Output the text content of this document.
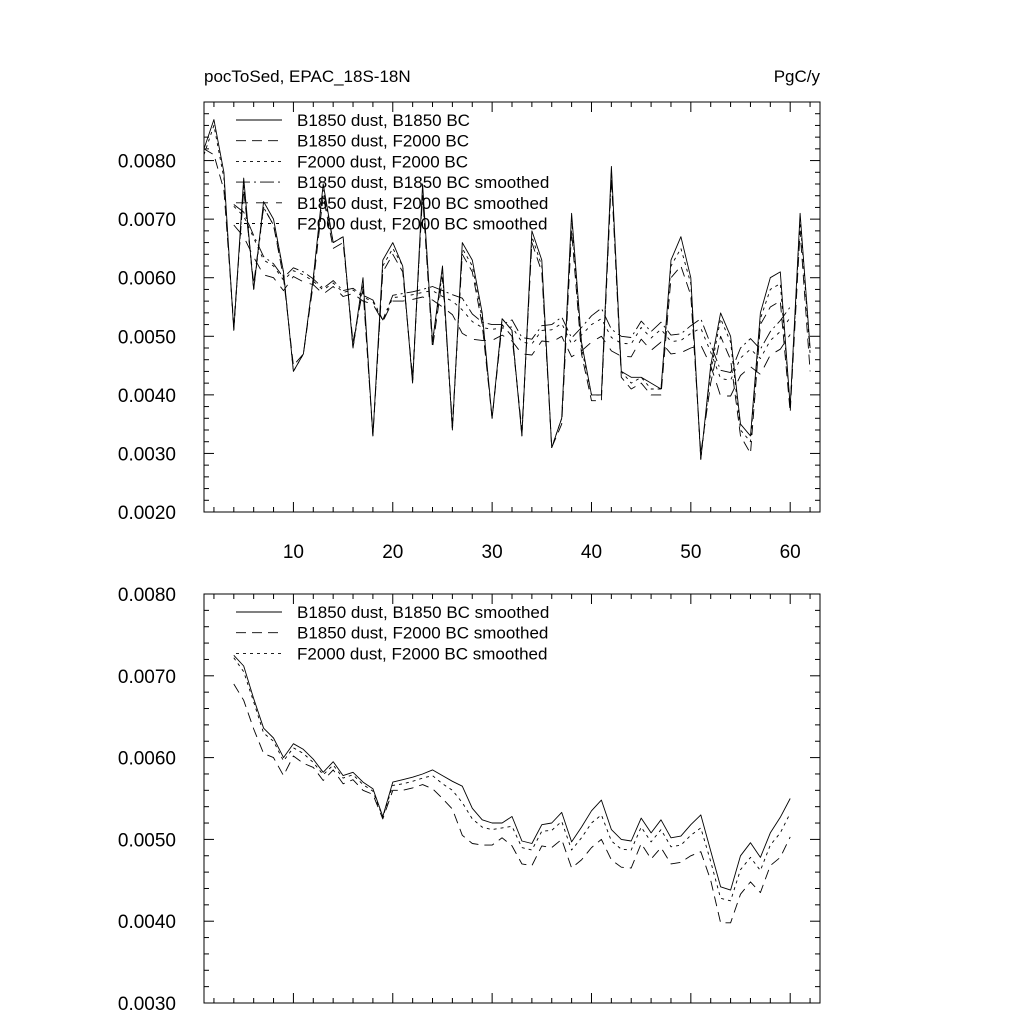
0.0020
0.0030
0.0040
0.0050
0.0060
0.0070
0.0080
10	20	30	40	50	60
pocToSed, EPAC_18S-18N	PgC/y
B1850 dust, B1850 BC
B1850 dust, F2000 BC
F2000 dust, F2000 BC
B1850 dust, B1850 BC smoothed
B1850 dust, F2000 BC smoothed
F2000 dust, F2000 BC smoothed
0.0030
0.0040
0.0050
0.0060
0.0070
0.0080
B1850 dust, B1850 BC smoothed
B1850 dust, F2000 BC smoothed
F2000 dust, F2000 BC smoothed
